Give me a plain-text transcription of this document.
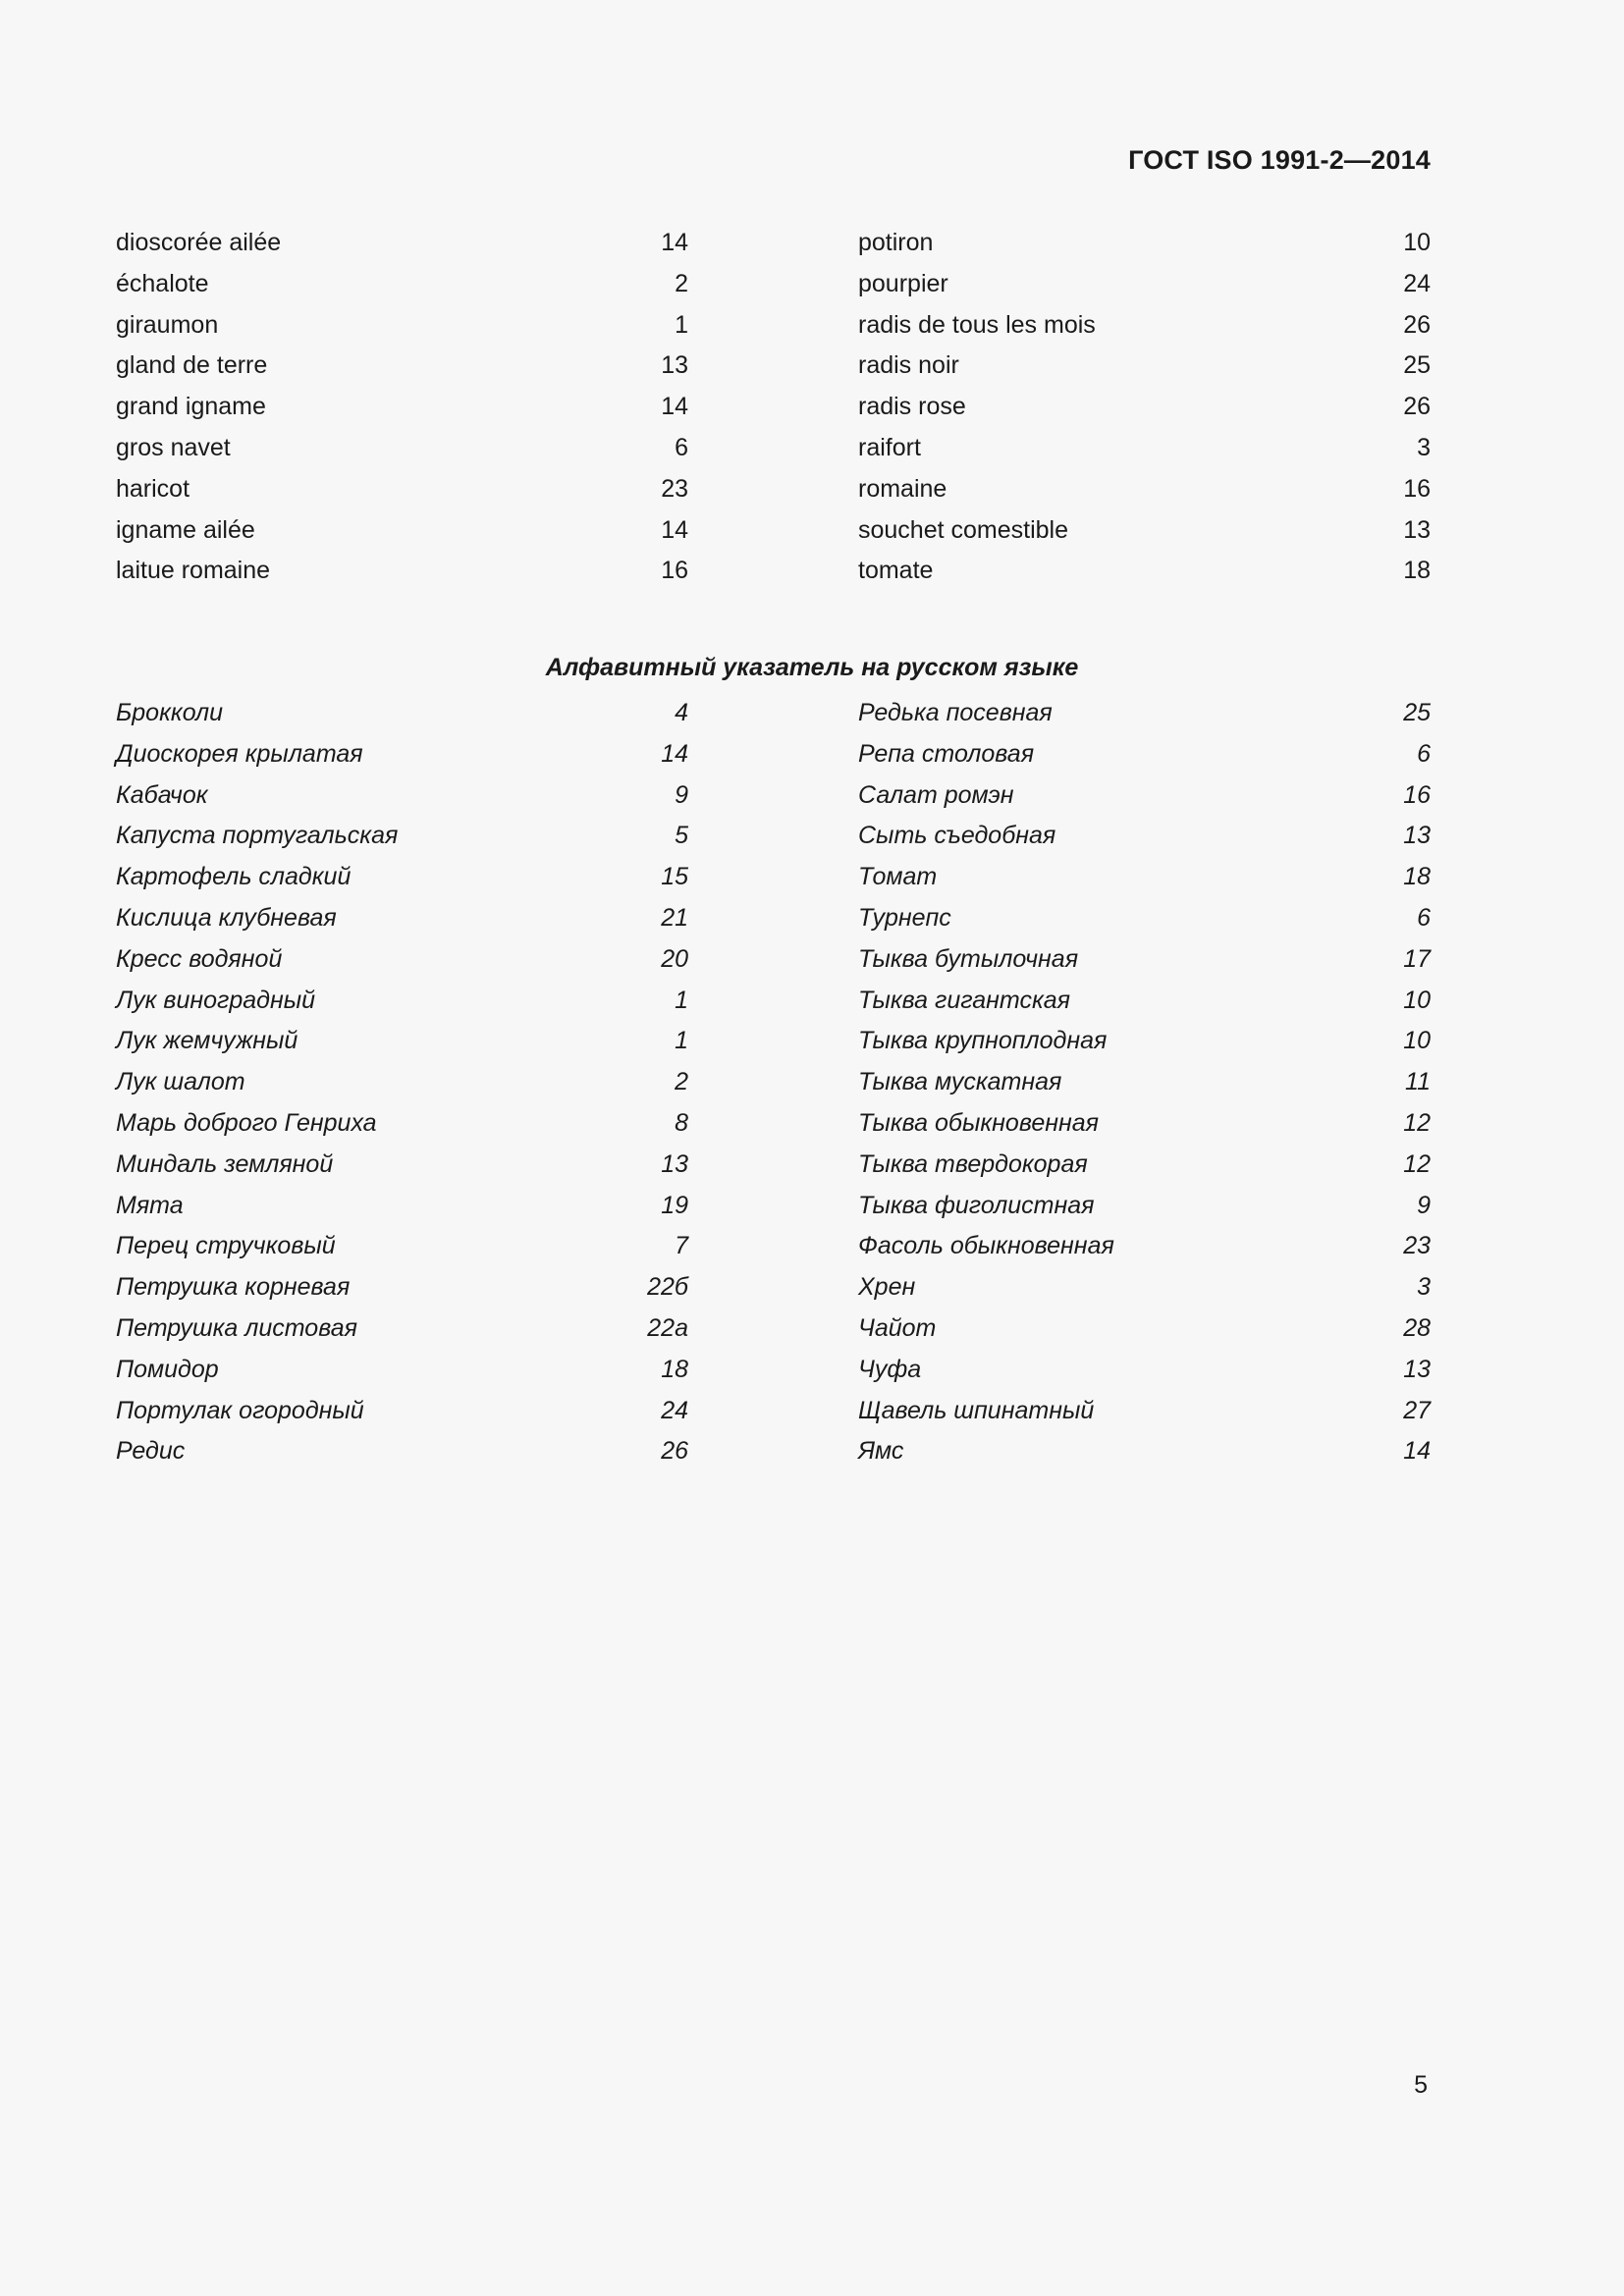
ГОСТ ISO 1991-2—2014
dioscorée ailée	14
échalote	2
giraumon	1
gland de terre	13
grand igname	14
gros navet	6
haricot	23
igname ailée	14
laitue romaine	16
potiron	10
pourpier	24
radis de tous les mois	26
radis noir	25
radis rose	26
raifort	3
romaine	16
souchet comestible	13
tomate	18
Алфавитный указатель на русском языке
Брокколи	4
Диоскорея крылатая	14
Кабачок	9
Капуста португальская	5
Картофель сладкий	15
Кислица клубневая	21
Кресс водяной	20
Лук виноградный	1
Лук жемчужный	1
Лук шалот	2
Марь доброго Генриха	8
Миндаль земляной	13
Мята	19
Перец стручковый	7
Петрушка корневая	22б
Петрушка листовая	22а
Помидор	18
Портулак огородный	24
Редис	26
Редька посевная	25
Репа столовая	6
Салат ромэн	16
Сыть съедобная	13
Томат	18
Турнепс	6
Тыква бутылочная	17
Тыква гигантская	10
Тыква крупноплодная	10
Тыква мускатная	11
Тыква обыкновенная	12
Тыква твердокорая	12
Тыква фиголистная	9
Фасоль обыкновенная	23
Хрен	3
Чайот	28
Чуфа	13
Щавель шпинатный	27
Ямс	14
5
